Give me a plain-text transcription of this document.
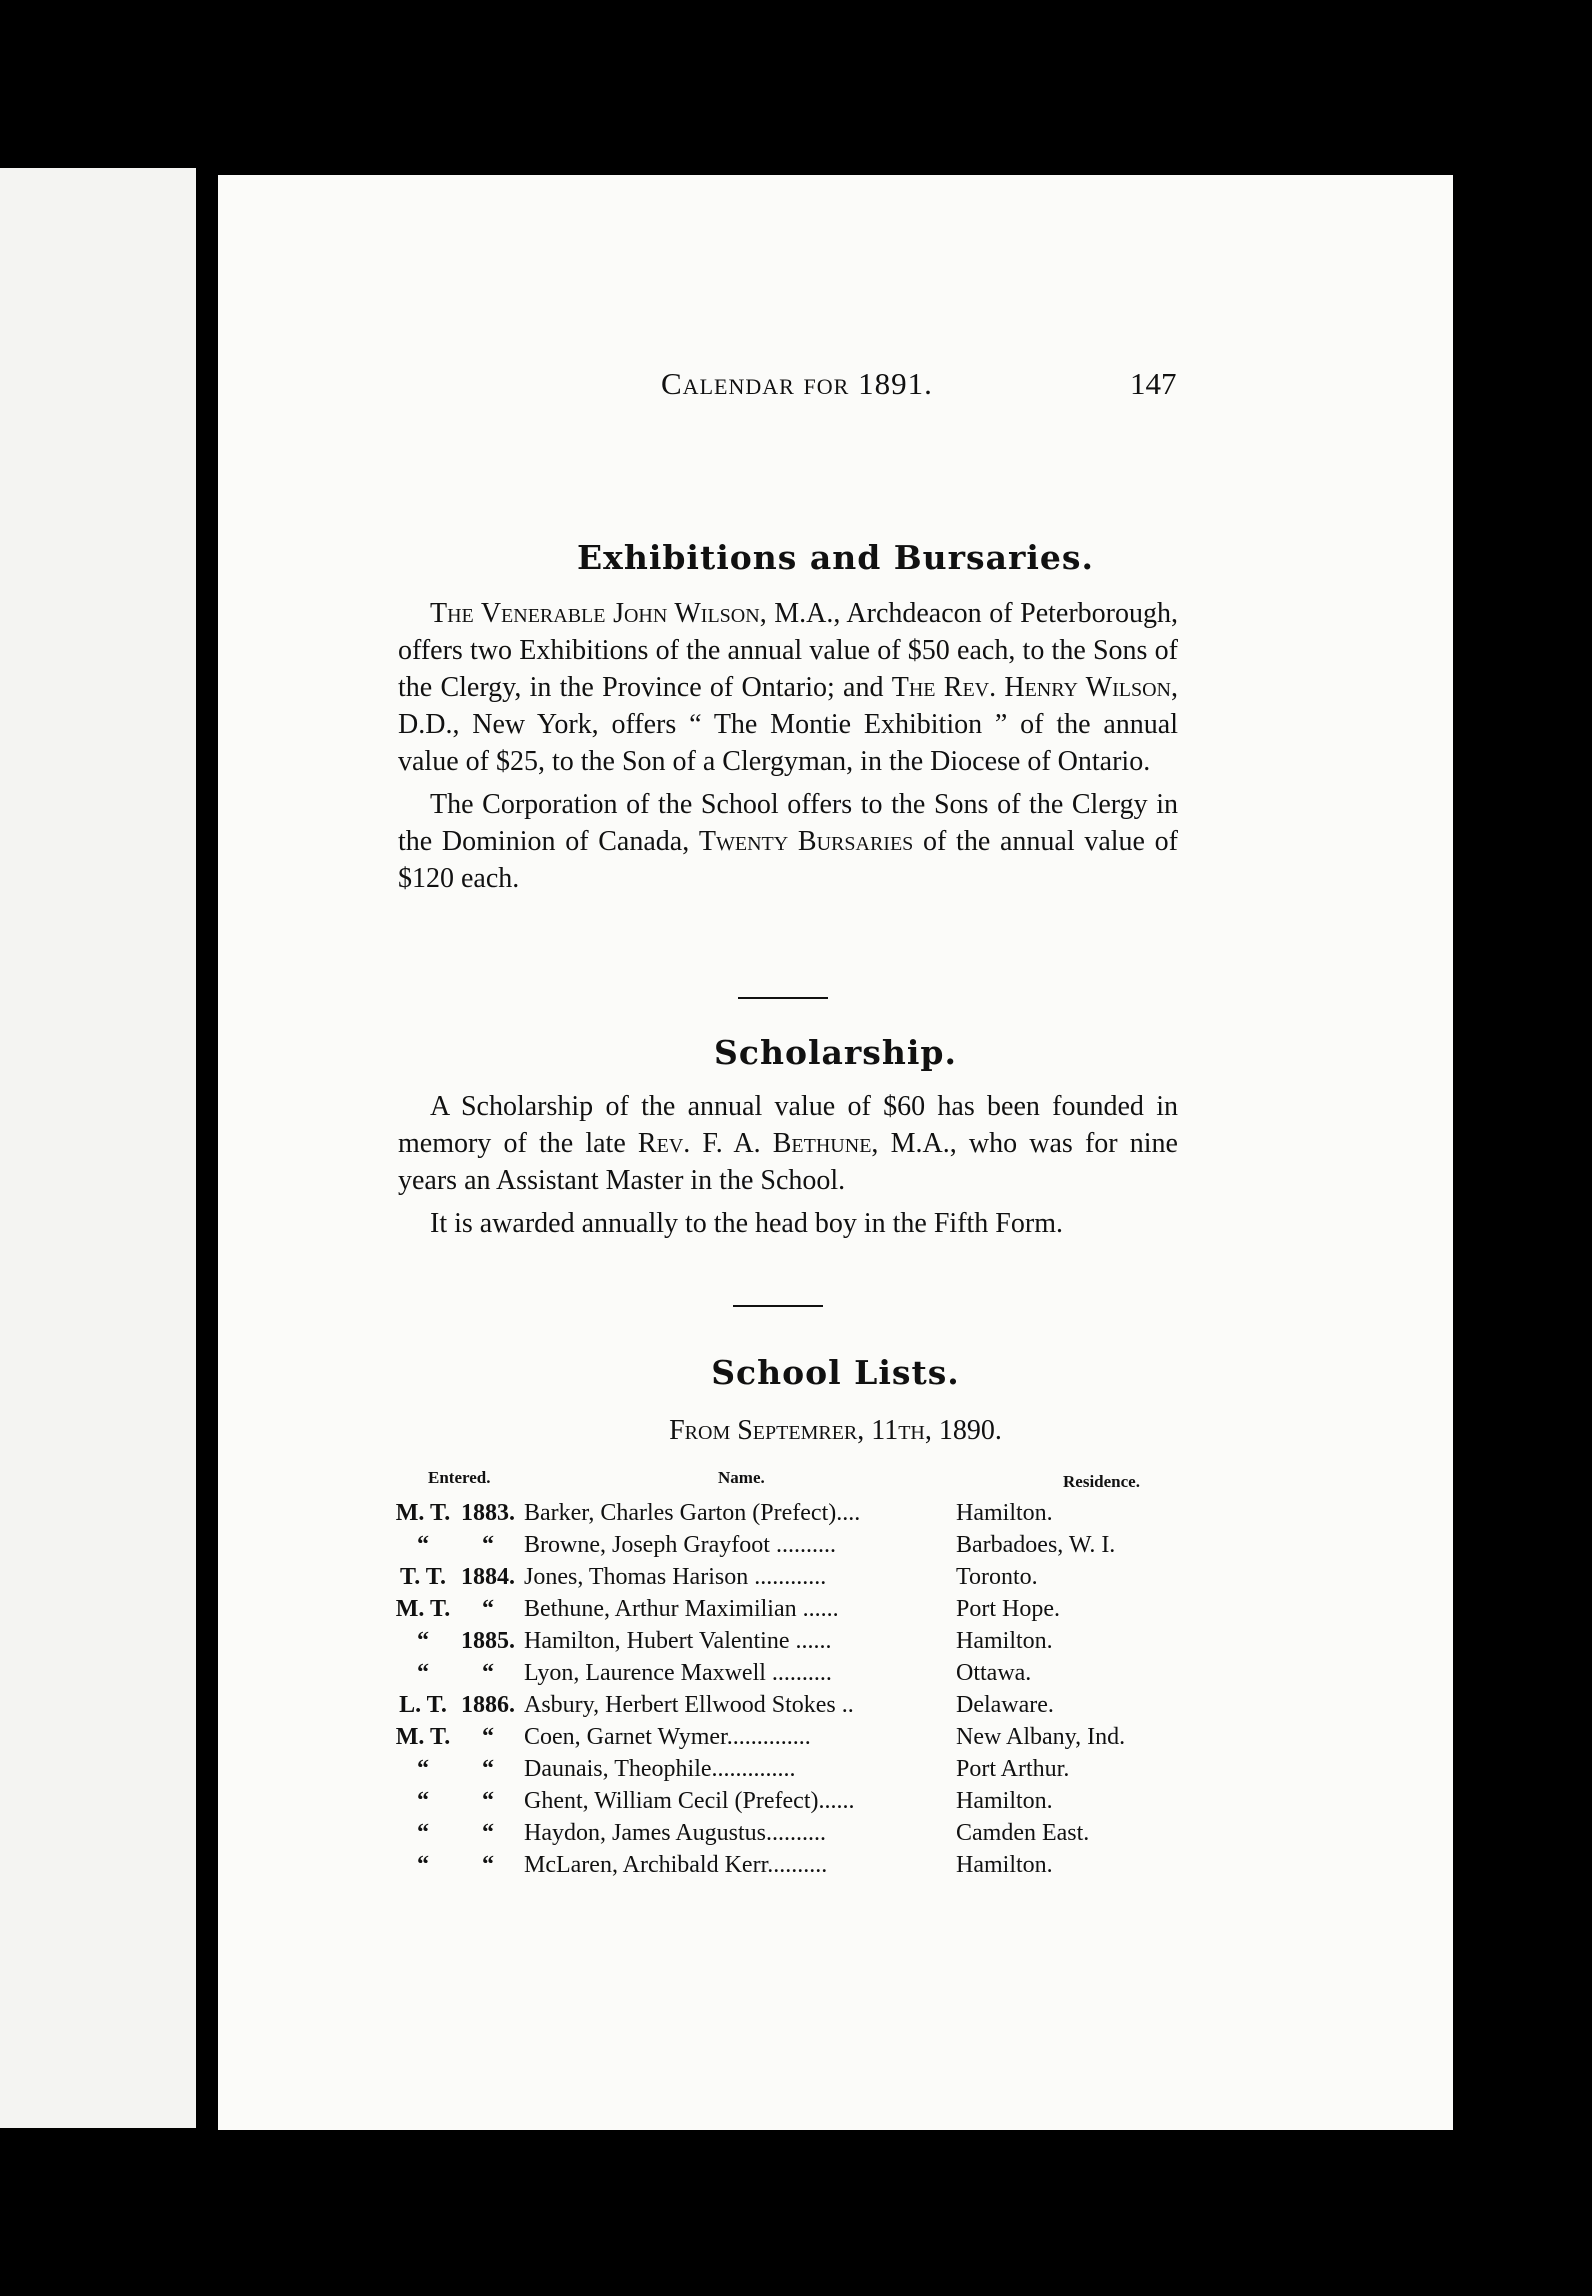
Calendar for 1891.	147
Exhibitions and Bursaries.

The Venerable John Wilson, M.A., Archdeacon of Peterborough, offers two Exhibitions of the annual value of $50 each, to the Sons of the Clergy, in the Province of Ontario; and The Rev. Henry Wilson, D.D., New York, offers “ The Montie Exhibition ” of the annual value of $25, to the Son of a Clergyman, in the Diocese of Ontario.

The Corporation of the School offers to the Sons of the Clergy in the Dominion of Canada, Twenty Bursaries of the annual value of $120 each.

Scholarship.

A Scholarship of the annual value of $60 has been founded in memory of the late Rev. F. A. Bethune, M.A., who was for nine years an Assistant Master in the School.

It is awarded annually to the head boy in the Fifth Form.

School Lists.
From Septemrer, 11th, 1890.
Entered.	Name.	Residence.
M. T.	1883.	Barker, Charles Garton (Prefect)....	Hamilton.
“	“	Browne, Joseph Grayfoot ..........	Barbadoes, W. I.
T. T.	1884.	Jones, Thomas Harison ............	Toronto.
M. T.	“	Bethune, Arthur Maximilian ......	Port Hope.
“	1885.	Hamilton, Hubert Valentine ......	Hamilton.
“	“	Lyon, Laurence Maxwell ..........	Ottawa.
L. T.	1886.	Asbury, Herbert Ellwood Stokes ..	Delaware.
M. T.	“	Coen, Garnet Wymer..............	New Albany, Ind.
“	“	Daunais, Theophile..............	Port Arthur.
“	“	Ghent, William Cecil (Prefect)......	Hamilton.
“	“	Haydon, James Augustus..........	Camden East.
“	“	McLaren, Archibald Kerr..........	Hamilton.
